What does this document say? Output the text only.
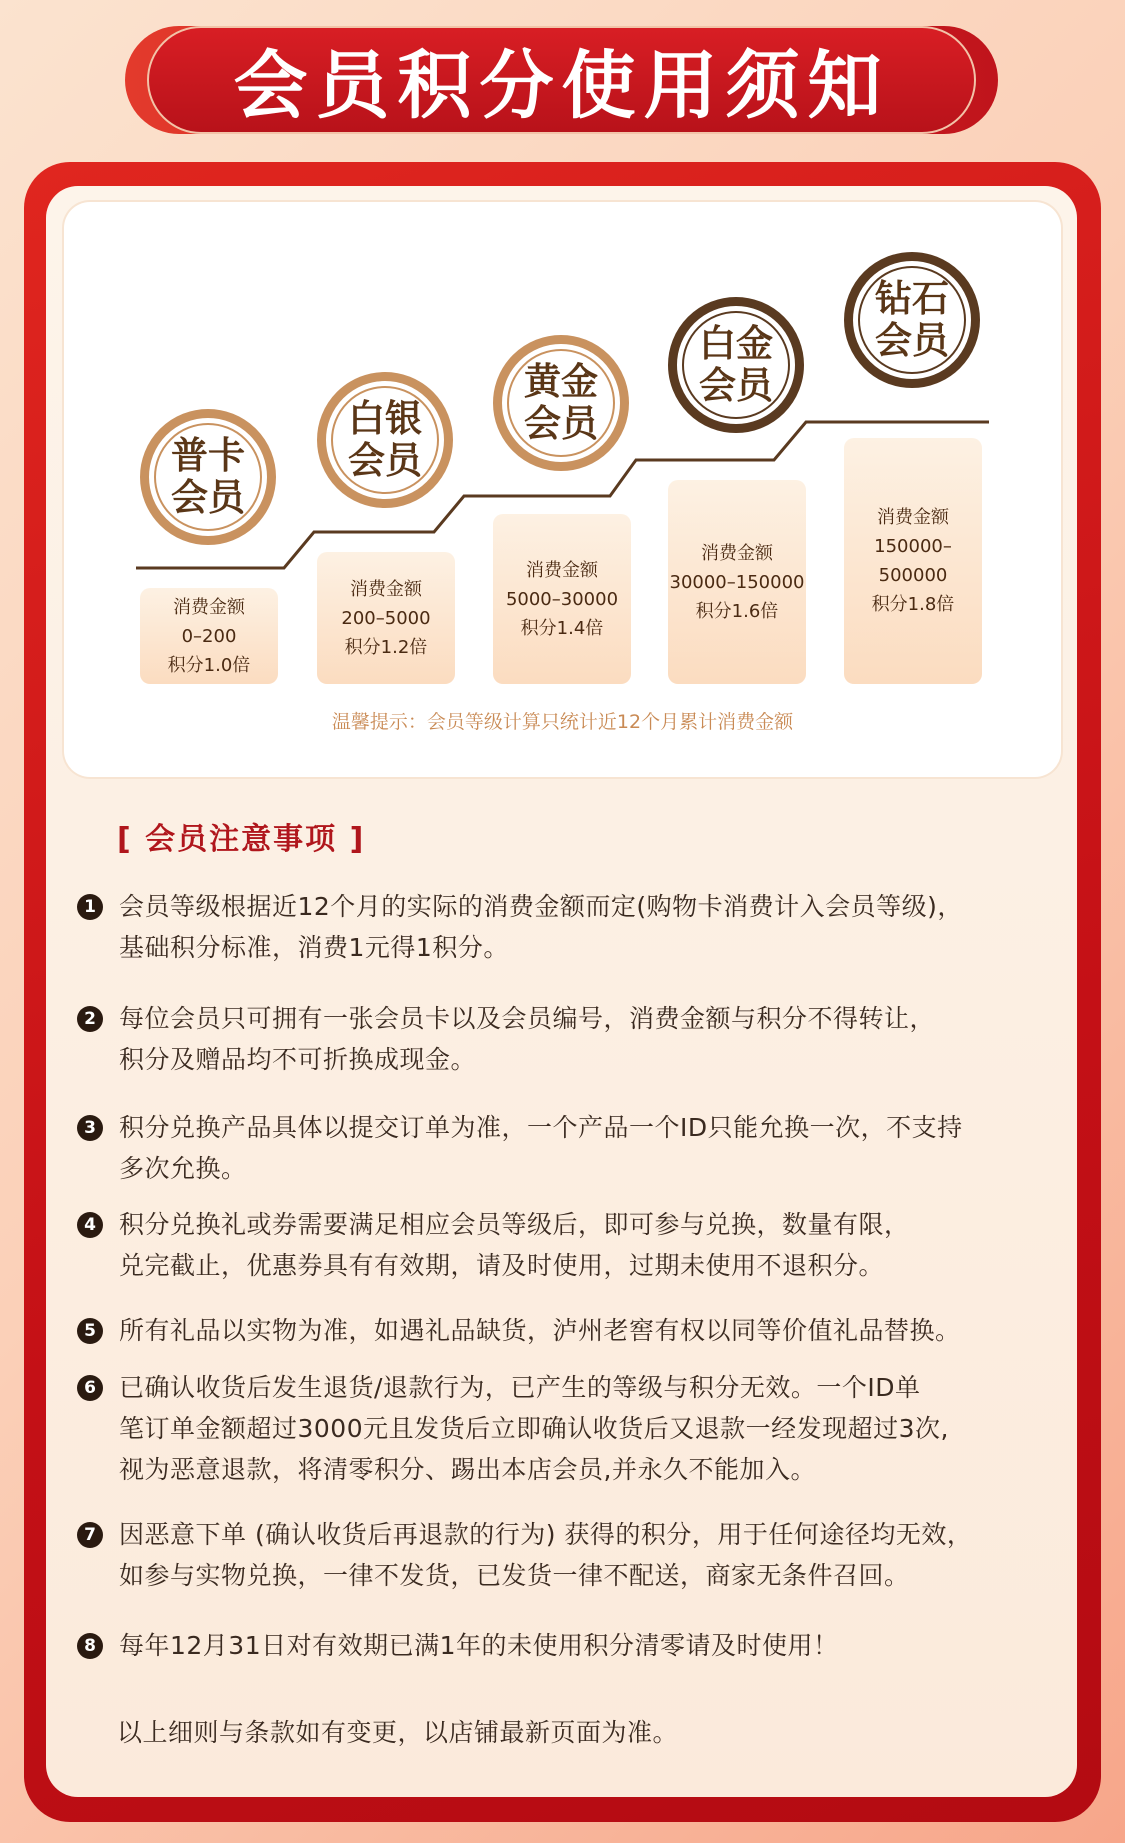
会员积分使用须知
普卡
会员
白银
会员
黄金
会员
白金
会员
钻石
会员
消费金额
0–200
积分1.0倍
消费金额
200–5000
积分1.2倍
消费金额
5000–30000
积分1.4倍
消费金额
30000–150000
积分1.6倍
消费金额
150000–
500000
积分1.8倍
温馨提示：会员等级计算只统计近12个月累计消费金额
[ 会员注意事项 ]
1 会员等级根据近12个月的实际的消费金额而定(购物卡消费计入会员等级)，
基础积分标准，消费1元得1积分。
2 每位会员只可拥有一张会员卡以及会员编号，消费金额与积分不得转让，
积分及赠品均不可折换成现金。
3 积分兑换产品具体以提交订单为准，一个产品一个ID只能允换一次，不支持
多次允换。
4 积分兑换礼或券需要满足相应会员等级后，即可参与兑换，数量有限，
兑完截止，优惠券具有有效期，请及时使用，过期未使用不退积分。
5 所有礼品以实物为准，如遇礼品缺货，泸州老窖有权以同等价值礼品替换。
6 已确认收货后发生退货/退款行为，已产生的等级与积分无效。一个ID单
笔订单金额超过3000元且发货后立即确认收货后又退款一经发现超过3次,
视为恶意退款，将清零积分、踢出本店会员,并永久不能加入。
7 因恶意下单 (确认收货后再退款的行为) 获得的积分，用于任何途径均无效，
如参与实物兑换，一律不发货，已发货一律不配送，商家无条件召回。
8 每年12月31日对有效期已满1年的未使用积分清零请及时使用！
以上细则与条款如有变更，以店铺最新页面为准。
